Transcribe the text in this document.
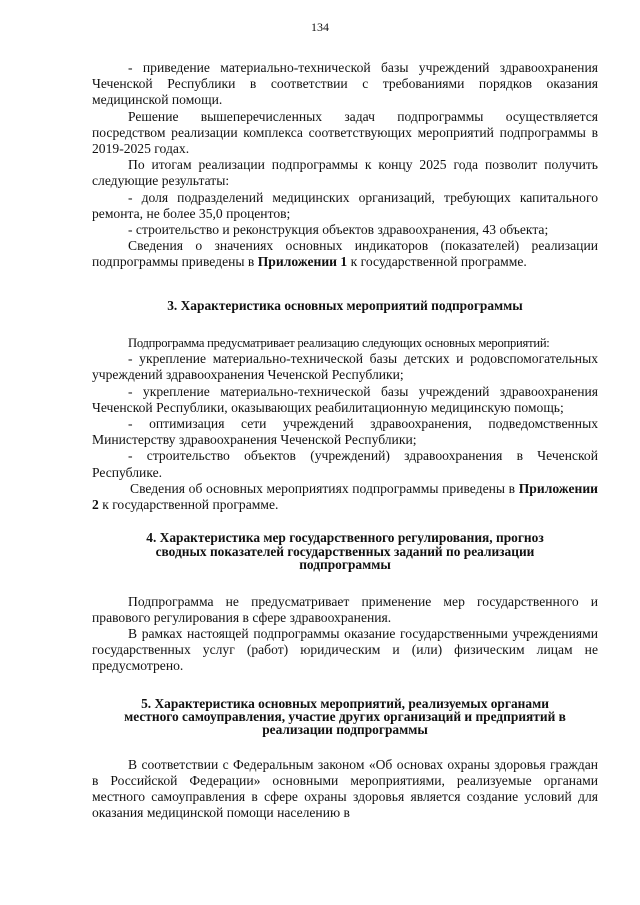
134

- приведение материально-технической базы учреждений здравоохранения Чеченской Республики в соответствии с требованиями порядков оказания медицинской помощи.

Решение вышеперечисленных задач подпрограммы осуществляется посредством реализации комплекса соответствующих мероприятий подпрограммы в 2019-2025 годах.

По итогам реализации подпрограммы к концу 2025 года позволит получить следующие результаты:

- доля подразделений медицинских организаций, требующих капитального ремонта, не более 35,0 процентов;

- строительство и реконструкция объектов здравоохранения, 43 объекта;

Сведения о значениях основных индикаторов (показателей) реализации подпрограммы приведены в Приложении 1 к государственной программе.

3. Характеристика основных мероприятий подпрограммы

Подпрограмма предусматривает реализацию следующих основных мероприятий:

- укрепление материально-технической базы детских и родовспомогательных учреждений здравоохранения Чеченской Республики;

- укрепление материально-технической базы учреждений здравоохранения Чеченской Республики, оказывающих реабилитационную медицинскую помощь;

- оптимизация сети учреждений здравоохранения, подведомственных Министерству здравоохранения Чеченской Республики;

- строительство объектов (учреждений) здравоохранения в Чеченской Республике.

Сведения об основных мероприятиях подпрограммы приведены в Приложении 2 к государственной программе.

4. Характеристика мер государственного регулирования, прогноз
сводных показателей государственных заданий по реализации
подпрограммы

Подпрограмма не предусматривает применение мер государственного и правового регулирования в сфере здравоохранения.

В рамках настоящей подпрограммы оказание государственными учреждениями государственных услуг (работ) юридическим и (или) физическим лицам не предусмотрено.

5. Характеристика основных мероприятий, реализуемых органами
местного самоуправления, участие других организаций и предприятий в
реализации подпрограммы

В соответствии с Федеральным законом «Об основах охраны здоровья граждан в Российской Федерации» основными мероприятиями, реализуемые органами местного самоуправления в сфере охраны здоровья является создание условий для оказания медицинской помощи населению в
